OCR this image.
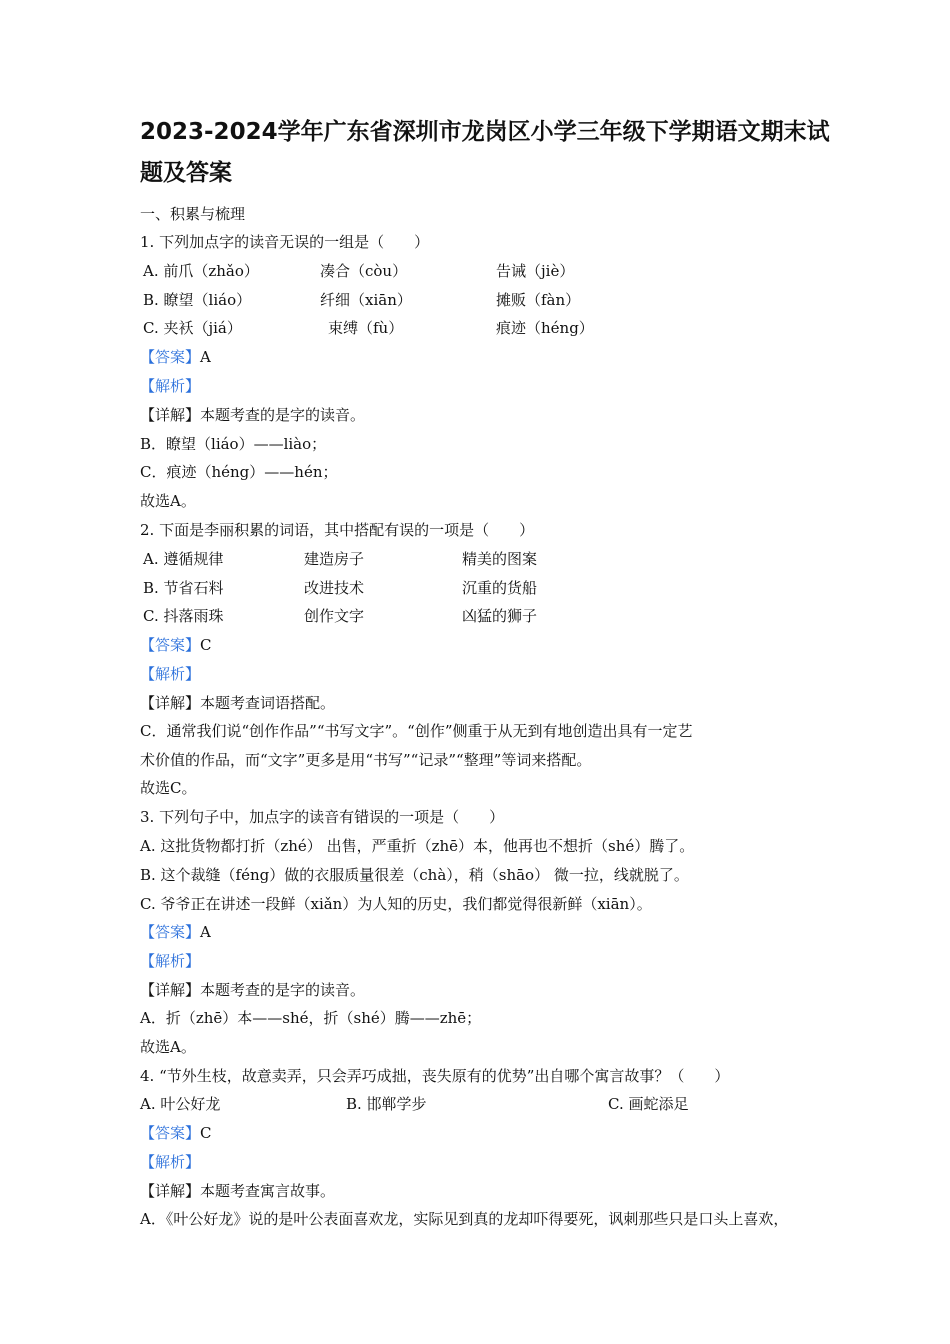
2023-2024学年广东省深圳市龙岗区小学三年级下学期语文期末试题及答案
一、积累与梳理
1. 下列加点字的读音无误的一组是（　　）
A. 前爪（zhǎo）	凑合（còu）	告诫（jiè）
B. 瞭望（liáo）	纤细（xiān）	摊贩（fàn）
C. 夹袄（jiá）	束缚（fù）	痕迹（héng）
【答案】A
【解析】
【详解】本题考查的是字的读音。
B．瞭望（liáo）——liào；
C．痕迹（héng）——hén；
故选A。
2. 下面是李丽积累的词语，其中搭配有误的一项是（　　）
A. 遵循规律	建造房子	精美的图案
B. 节省石料	改进技术	沉重的货船
C. 抖落雨珠	创作文字	凶猛的狮子
【答案】C
【解析】
【详解】本题考查词语搭配。
C．通常我们说“创作作品”“书写文字”。“创作”侧重于从无到有地创造出具有一定艺
术价值的作品，而“文字”更多是用“书写”“记录”“整理”等词来搭配。
故选C。
3. 下列句子中，加点字的读音有错误的一项是（　　）
A. 这批货物都打折（zhé） 出售，严重折（zhē）本，他再也不想折（shé）腾了。
B. 这个裁缝（féng）做的衣服质量很差（chà），稍（shāo） 微一拉，线就脱了。
C. 爷爷正在讲述一段鲜（xiǎn）为人知的历史，我们都觉得很新鲜（xiān）。
【答案】A
【解析】
【详解】本题考查的是字的读音。
A．折（zhē）本——shé，折（shé）腾——zhē；
故选A。
4. “节外生枝，故意卖弄，只会弄巧成拙，丧失原有的优势”出自哪个寓言故事？（　　）
A. 叶公好龙	B. 邯郸学步	C. 画蛇添足
【答案】C
【解析】
【详解】本题考查寓言故事。
A．《叶公好龙》说的是叶公表面喜欢龙，实际见到真的龙却吓得要死，讽刺那些只是口头上喜欢，
